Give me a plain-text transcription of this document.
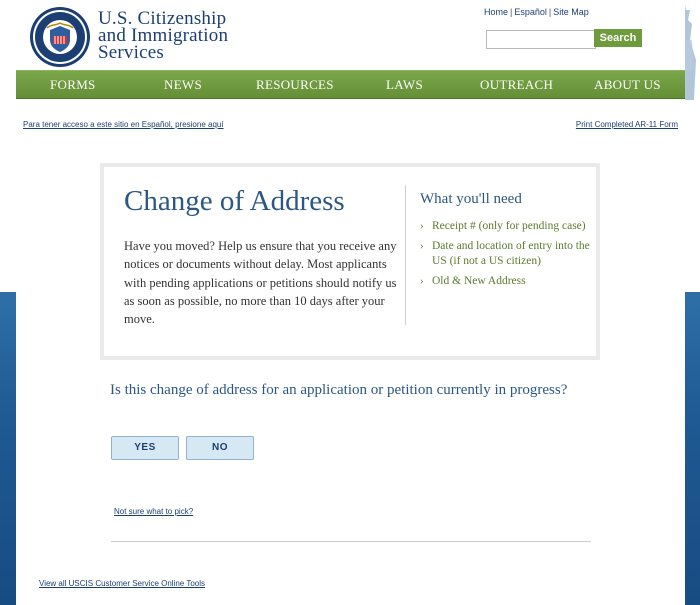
U.S. Citizenship
and Immigration
Services
Home | Español | Site Map
Search
FORMS	NEWS	RESOURCES	LAWS	OUTREACH	ABOUT US
Para tener acceso a este sitio en Español, presione aquí	Print Completed AR-11 Form
Change of Address
Have you moved? Help us ensure that you receive any notices or documents without delay. Most applicants with pending applications or petitions should notify us as soon as possible, no more than 10 days after your move.
What you'll need
› Receipt # (only for pending case)
› Date and location of entry into the US (if not a US citizen)
› Old & New Address
Is this change of address for an application or petition currently in progress?
YES	NO
Not sure what to pick?
View all USCIS Customer Service Online Tools
